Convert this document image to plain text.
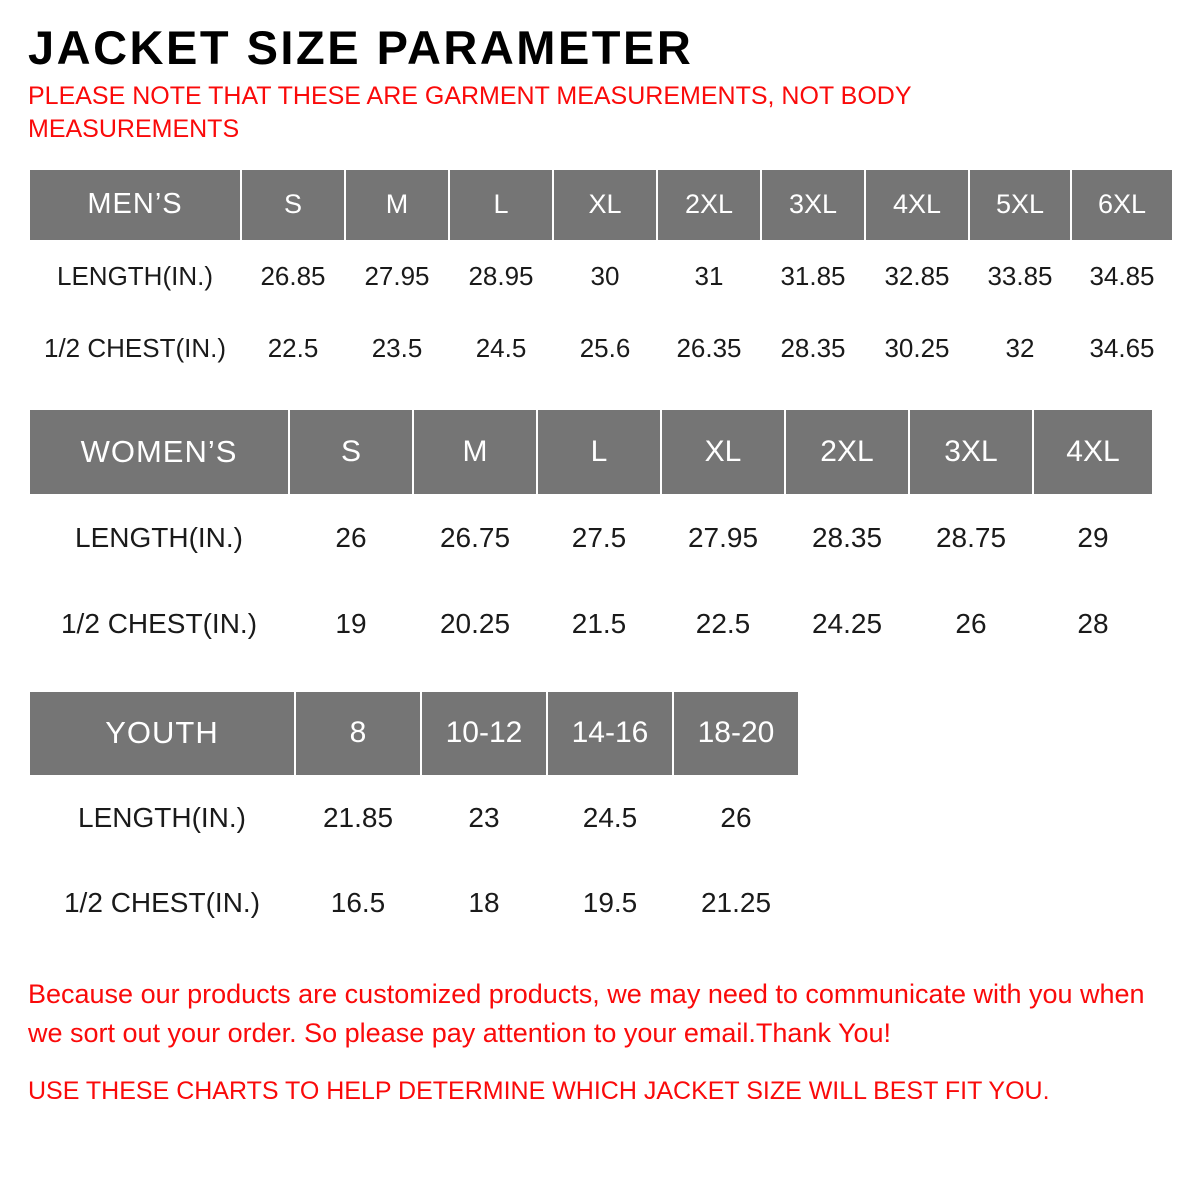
JACKET SIZE PARAMETER

PLEASE NOTE THAT THESE ARE GARMENT MEASUREMENTS, NOT BODY MEASUREMENTS

MEN’S	S	M	L	XL	2XL	3XL	4XL	5XL	6XL
LENGTH(IN.)	26.85	27.95	28.95	30	31	31.85	32.85	33.85	34.85
1/2 CHEST(IN.)	22.5	23.5	24.5	25.6	26.35	28.35	30.25	32	34.65
WOMEN’S	S	M	L	XL	2XL	3XL	4XL
LENGTH(IN.)	26	26.75	27.5	27.95	28.35	28.75	29
1/2 CHEST(IN.)	19	20.25	21.5	22.5	24.25	26	28
YOUTH	8	10-12	14-16	18-20
LENGTH(IN.)	21.85	23	24.5	26
1/2 CHEST(IN.)	16.5	18	19.5	21.25

Because our products are customized products, we may need to communicate with you when we sort out your order. So please pay attention to your email.Thank You!

USE THESE CHARTS TO HELP DETERMINE WHICH JACKET SIZE WILL BEST FIT YOU.
